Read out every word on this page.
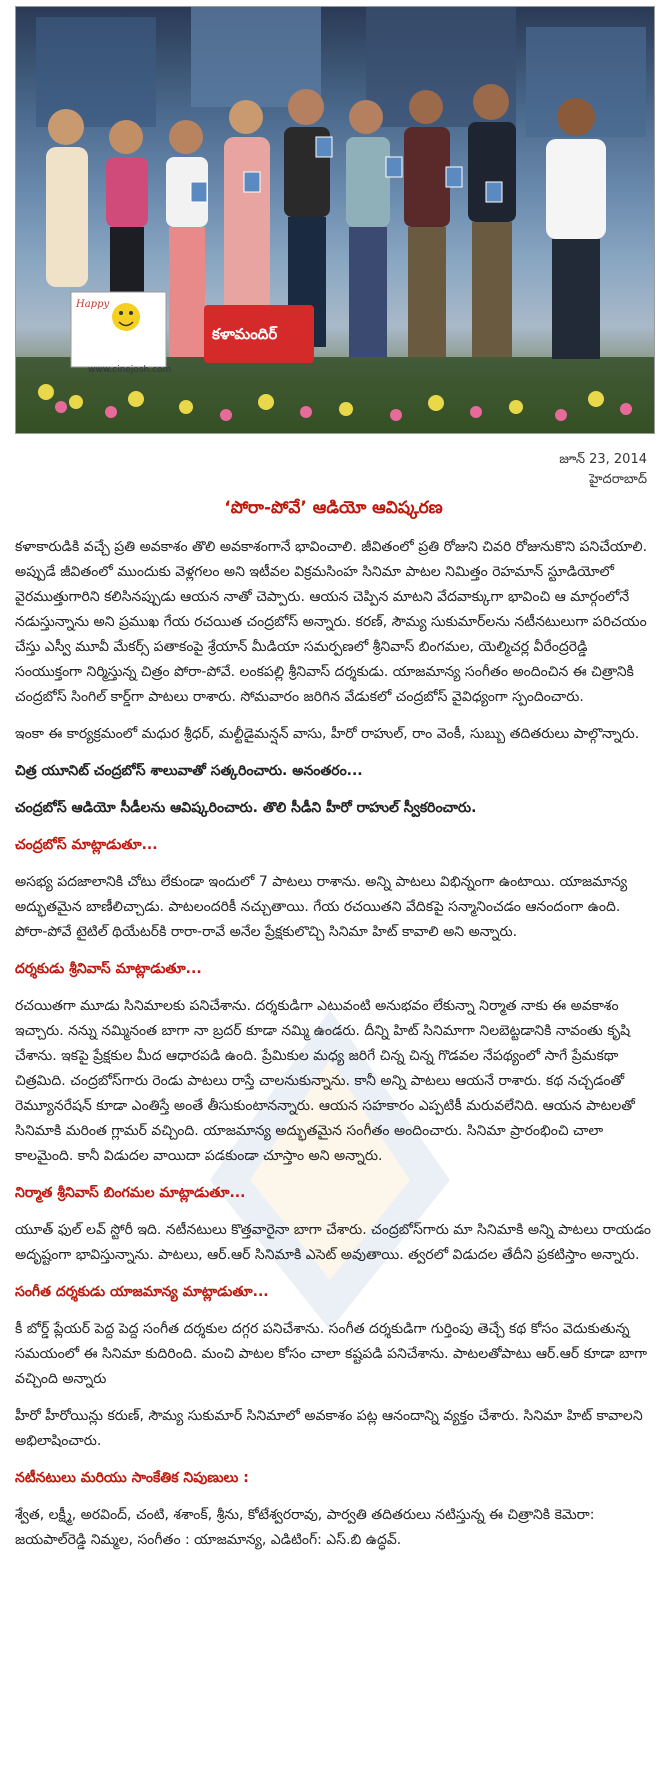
Happy
కళామందిర్
www.cinejosh.com
జూన్ 23, 2014
హైదరాబాద్
‘పోరా-పోవే’ ఆడియో ఆవిష్కరణ

కళాకారుడికి వచ్చే ప్రతి అవకాశం తొలి అవకాశంగానే భావించాలి. జీవితంలో ప్రతి రోజుని చివరి రోజునుకొని పనిచేయాలి. అప్పుడే జీవితంలో ముందుకు వెళ్లగలం అని ఇటీవల విక్రమసింహ సినిమా పాటల నిమిత్తం రెహమాన్ స్టూడియోలో వైరముత్తుగారిని కలిసినప్పుడు ఆయన నాతో చెప్పారు. ఆయన చెప్పిన మాటని వేదవాక్కుగా భావించి ఆ మార్గంలోనే నడుస్తున్నాను అని ప్రముఖ గేయ రచయిత చంద్రబోస్ అన్నారు. కరణ్, సౌమ్య సుకుమార్‌లను నటీనటులుగా పరిచయం చేస్తు ఎస్వీ మూవీ మేకర్స్ పతాకంపై శ్రేయాన్ మీడియా సమర్పణలో శ్రీనివాస్ బింగమల, యెల్మిచర్ల వీరేంద్రరెడ్డి సంయుక్తంగా నిర్మిస్తున్న చిత్రం పోరా-పోవే. లంకపల్లి శ్రీనివాస్ దర్శకుడు. యాజమాన్య సంగీతం అందించిన ఈ చిత్రానికి చంద్రబోస్ సింగిల్ కార్డ్‌గా పాటలు రాశారు. సోమవారం జరిగిన వేడుకలో చంద్రబోస్ వైవిధ్యంగా స్పందించారు.

ఇంకా ఈ కార్యక్రమంలో మధుర శ్రీధర్, మల్టీడైమన్షన్ వాసు, హీరో రాహుల్, రాం వెంకీ, సుబ్బు తదితరులు పాల్గొన్నారు.

చిత్ర యూనిట్ చంద్రబోస్ శాలువాతో సత్కరించారు. అనంతరం...

చంద్రబోస్ ఆడియో సీడీలను ఆవిష్కరించారు. తొలి సీడీని హీరో రాహుల్ స్వీకరించారు.

చంద్రబోస్ మాట్లాడుతూ...

అసభ్య పదజాలానికి చోటు లేకుండా ఇందులో 7 పాటలు రాశాను. అన్ని పాటలు విభిన్నంగా ఉంటాయి. యాజమాన్య అద్భుతమైన బాణీలిచ్చాడు. పాటలందరికీ నచ్చుతాయి. గేయ రచయితని వేదికపై సన్మానించడం ఆనందంగా ఉంది. పోరా-పోవే టైటిల్ థియేటర్‌కి రారా-రావే అనేల ప్రేక్షకులొచ్చి సినిమా హిట్ కావాలి అని అన్నారు.

దర్శకుడు శ్రీనివాస్ మాట్లాడుతూ...

రచయితగా మూడు సినిమాలకు పనిచేశాను. దర్శకుడిగా ఎటువంటి అనుభవం లేకున్నా నిర్మాత నాకు ఈ అవకాశం ఇచ్చారు. నన్ను నమ్మినంత బాగా నా బ్రదర్ కూడా నమ్మి ఉండరు. దీన్ని హిట్ సినిమాగా నిలబెట్టడానికి నావంతు కృషి చేశాను. ఇకపై ప్రేక్షకుల మీద ఆధారపడి ఉంది. ప్రేమికుల మధ్య జరిగే చిన్న చిన్న గొడవల నేపథ్యంలో సాగే ప్రేమకథా చిత్రమిది. చంద్రబోస్‌గారు రెండు పాటలు రాస్తే చాలనుకున్నాను. కానీ అన్ని పాటలు ఆయనే రాశారు. కథ నచ్చడంతో రెమ్యూనరేషన్ కూడా ఎంతిస్తే అంతే తీసుకుంటానన్నారు. ఆయన సహకారం ఎప్పటికీ మరువలేనిది. ఆయన పాటలతో సినిమాకి మరింత గ్లామర్ వచ్చింది. యాజమాన్య అద్భుతమైన సంగీతం అందించారు. సినిమా ప్రారంభించి చాలా కాలమైంది. కానీ విడుదల వాయిదా పడకుండా చూస్తాం అని అన్నారు.

నిర్మాత శ్రీనివాస్ బింగమల మాట్లాడుతూ...

యూత్ ఫుల్ లవ్ స్టోరీ ఇది. నటీనటులు కొత్తవారైనా బాగా చేశారు. చంద్రబోస్‌గారు మా సినిమాకి అన్ని పాటలు రాయడం అదృష్టంగా భావిస్తున్నాను. పాటలు, ఆర్.ఆర్ సినిమాకి ఎసెట్ అవుతాయి. త్వరలో విడుదల తేదీని ప్రకటిస్తాం అన్నారు.

సంగీత దర్శకుడు యాజమాన్య మాట్లాడుతూ...

కీ బోర్డ్ ప్లేయర్ పెద్ద పెద్ద సంగీత దర్శకుల దగ్గర పనిచేశాను. సంగీత దర్శకుడిగా గుర్తింపు తెచ్చే కథ కోసం వెదుకుతున్న సమయంలో ఈ సినిమా కుదిరింది. మంచి పాటల కోసం చాలా కష్టపడి పనిచేశాను. పాటలతోపాటు ఆర్.ఆర్ కూడా బాగా వచ్చింది అన్నారు

హీరో హీరోయిన్లు కరుణ్, సౌమ్య సుకుమార్ సినిమాలో అవకాశం పట్ల ఆనందాన్ని వ్యక్తం చేశారు. సినిమా హిట్ కావాలని అభిలాషించారు.

నటీనటులు మరియు సాంకేతిక నిపుణులు :

శ్వేత, లక్ష్మీ, అరవింద్, చంటి, శశాంక్, శ్రీను, కోటేశ్వరరావు, పార్వతి తదితరులు నటిస్తున్న ఈ చిత్రానికి కెమెరా: జయపాల్‌రెడ్డి నిమ్మల, సంగీతం : యాజమాన్య, ఎడిటింగ్: ఎస్.బి ఉద్ధవ్.
